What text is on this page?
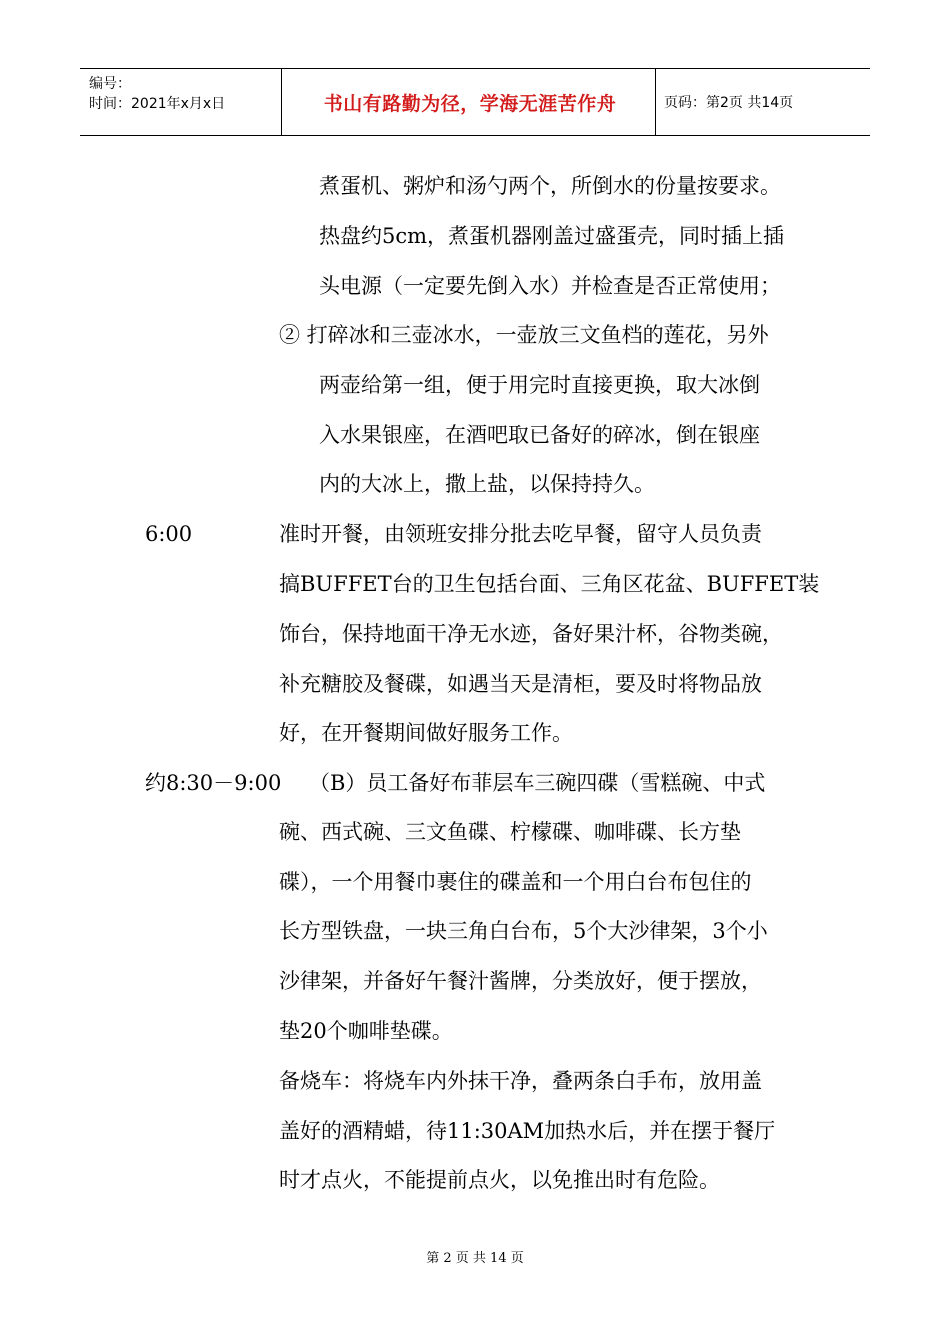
编号：
时间：2021年x月x日	书山有路勤为径，学海无涯苦作舟	页码：第2页 共14页
煮蛋机、粥炉和汤勺两个，所倒水的份量按要求。
热盘约5cm，煮蛋机器刚盖过盛蛋壳，同时插上插
头电源（一定要先倒入水）并检查是否正常使用；
② 打碎冰和三壶冰水，一壶放三文鱼档的莲花，另外
两壶给第一组，便于用完时直接更换，取大冰倒
入水果银座，在酒吧取已备好的碎冰，倒在银座
内的大冰上，撒上盐，以保持持久。
6:00	准时开餐，由领班安排分批去吃早餐，留守人员负责
搞BUFFET台的卫生包括台面、三角区花盆、BUFFET装
饰台，保持地面干净无水迹，备好果汁杯，谷物类碗，
补充糖胶及餐碟，如遇当天是清柜，要及时将物品放
好，在开餐期间做好服务工作。
约8:30－9:00 （B）员工备好布菲层车三碗四碟（雪糕碗、中式
碗、西式碗、三文鱼碟、柠檬碟、咖啡碟、长方垫
碟），一个用餐巾裹住的碟盖和一个用白台布包住的
长方型铁盘，一块三角白台布，5个大沙律架，3个小
沙律架，并备好午餐汁酱牌，分类放好，便于摆放，
垫20个咖啡垫碟。
备烧车：将烧车内外抹干净，叠两条白手布，放用盖
盖好的酒精蜡，待11:30AM加热水后，并在摆于餐厅
时才点火，不能提前点火，以免推出时有危险。
第 2 页 共 14 页
